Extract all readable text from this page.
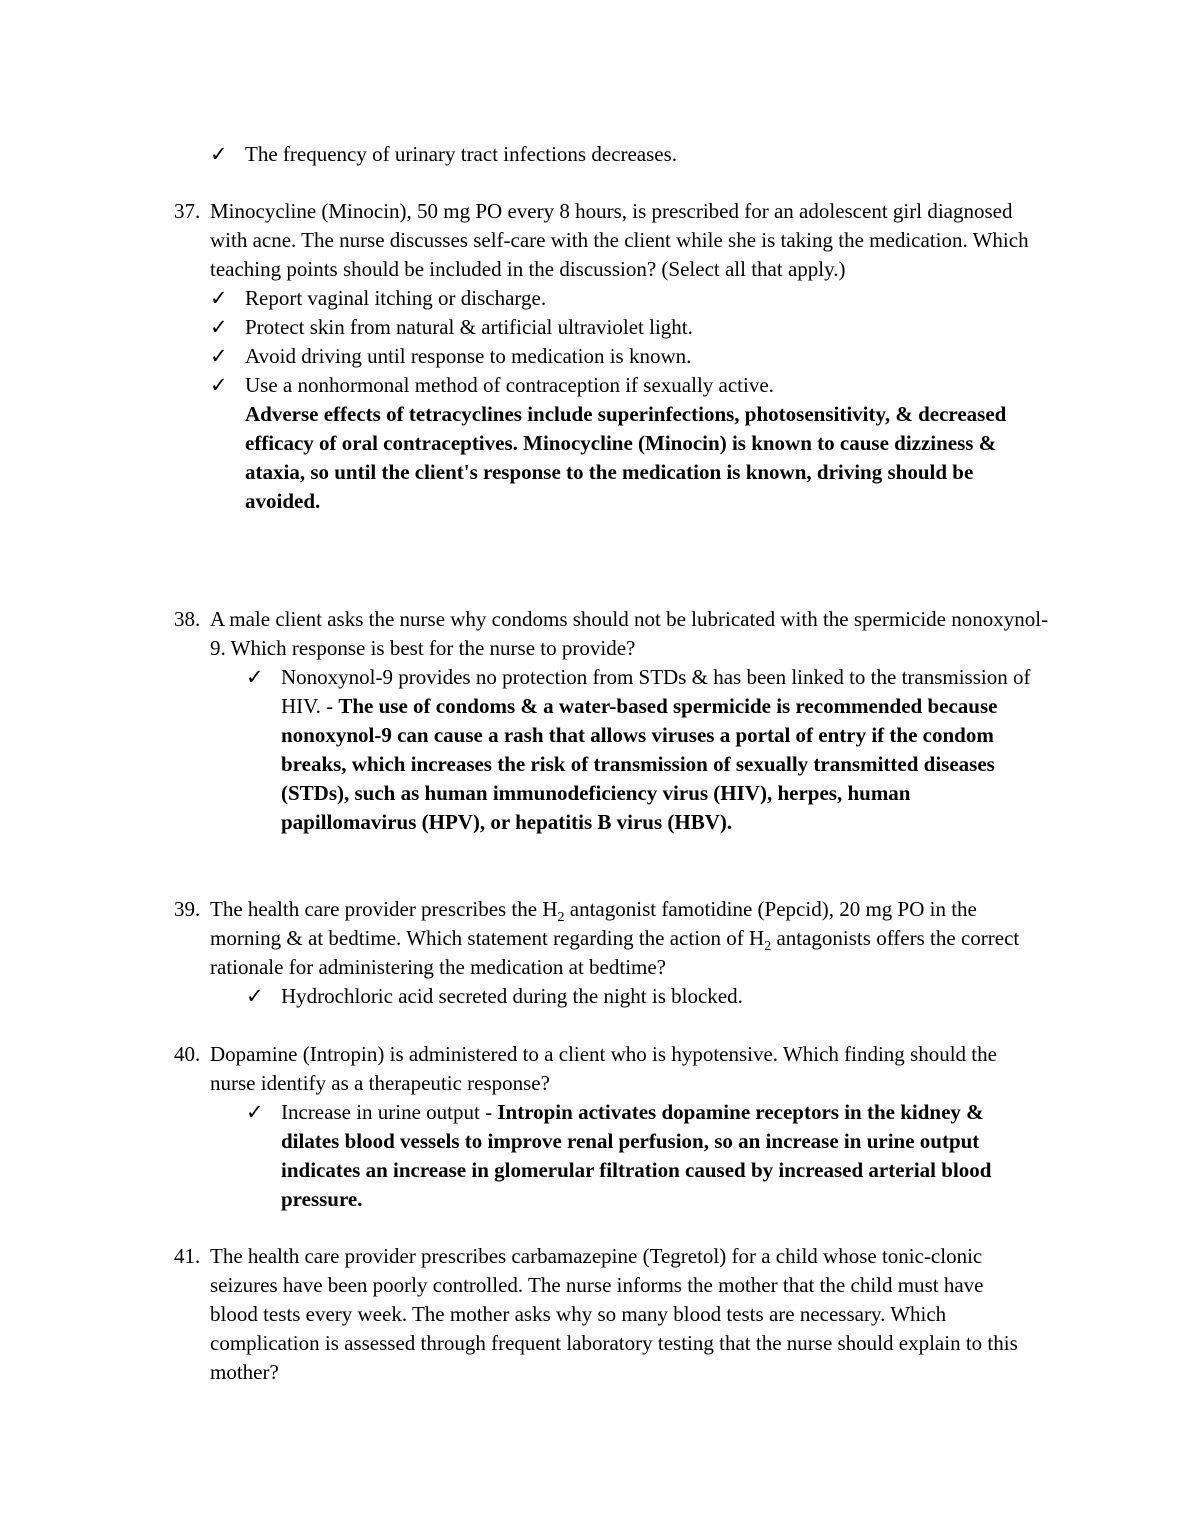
✓ The frequency of urinary tract infections decreases.
37. Minocycline (Minocin), 50 mg PO every 8 hours, is prescribed for an adolescent girl diagnosed with acne. The nurse discusses self-care with the client while she is taking the medication. Which teaching points should be included in the discussion? (Select all that apply.)
✓ Report vaginal itching or discharge.
✓ Protect skin from natural & artificial ultraviolet light.
✓ Avoid driving until response to medication is known.
✓ Use a nonhormonal method of contraception if sexually active.
Adverse effects of tetracyclines include superinfections, photosensitivity, & decreased efficacy of oral contraceptives. Minocycline (Minocin) is known to cause dizziness & ataxia, so until the client's response to the medication is known, driving should be avoided.
38. A male client asks the nurse why condoms should not be lubricated with the spermicide nonoxynol-9. Which response is best for the nurse to provide?
✓ Nonoxynol-9 provides no protection from STDs & has been linked to the transmission of HIV. - The use of condoms & a water-based spermicide is recommended because nonoxynol-9 can cause a rash that allows viruses a portal of entry if the condom breaks, which increases the risk of transmission of sexually transmitted diseases (STDs), such as human immunodeficiency virus (HIV), herpes, human papillomavirus (HPV), or hepatitis B virus (HBV).
39. The health care provider prescribes the $H_2$ antagonist famotidine (Pepcid), 20 mg PO in the morning & at bedtime. Which statement regarding the action of $H_2$ antagonists offers the correct rationale for administering the medication at bedtime?
✓ Hydrochloric acid secreted during the night is blocked.
40. Dopamine (Intropin) is administered to a client who is hypotensive. Which finding should the nurse identify as a therapeutic response?
✓ Increase in urine output - Intropin activates dopamine receptors in the kidney & dilates blood vessels to improve renal perfusion, so an increase in urine output indicates an increase in glomerular filtration caused by increased arterial blood pressure.
41. The health care provider prescribes carbamazepine (Tegretol) for a child whose tonic-clonic seizures have been poorly controlled. The nurse informs the mother that the child must have blood tests every week. The mother asks why so many blood tests are necessary. Which complication is assessed through frequent laboratory testing that the nurse should explain to this mother?
